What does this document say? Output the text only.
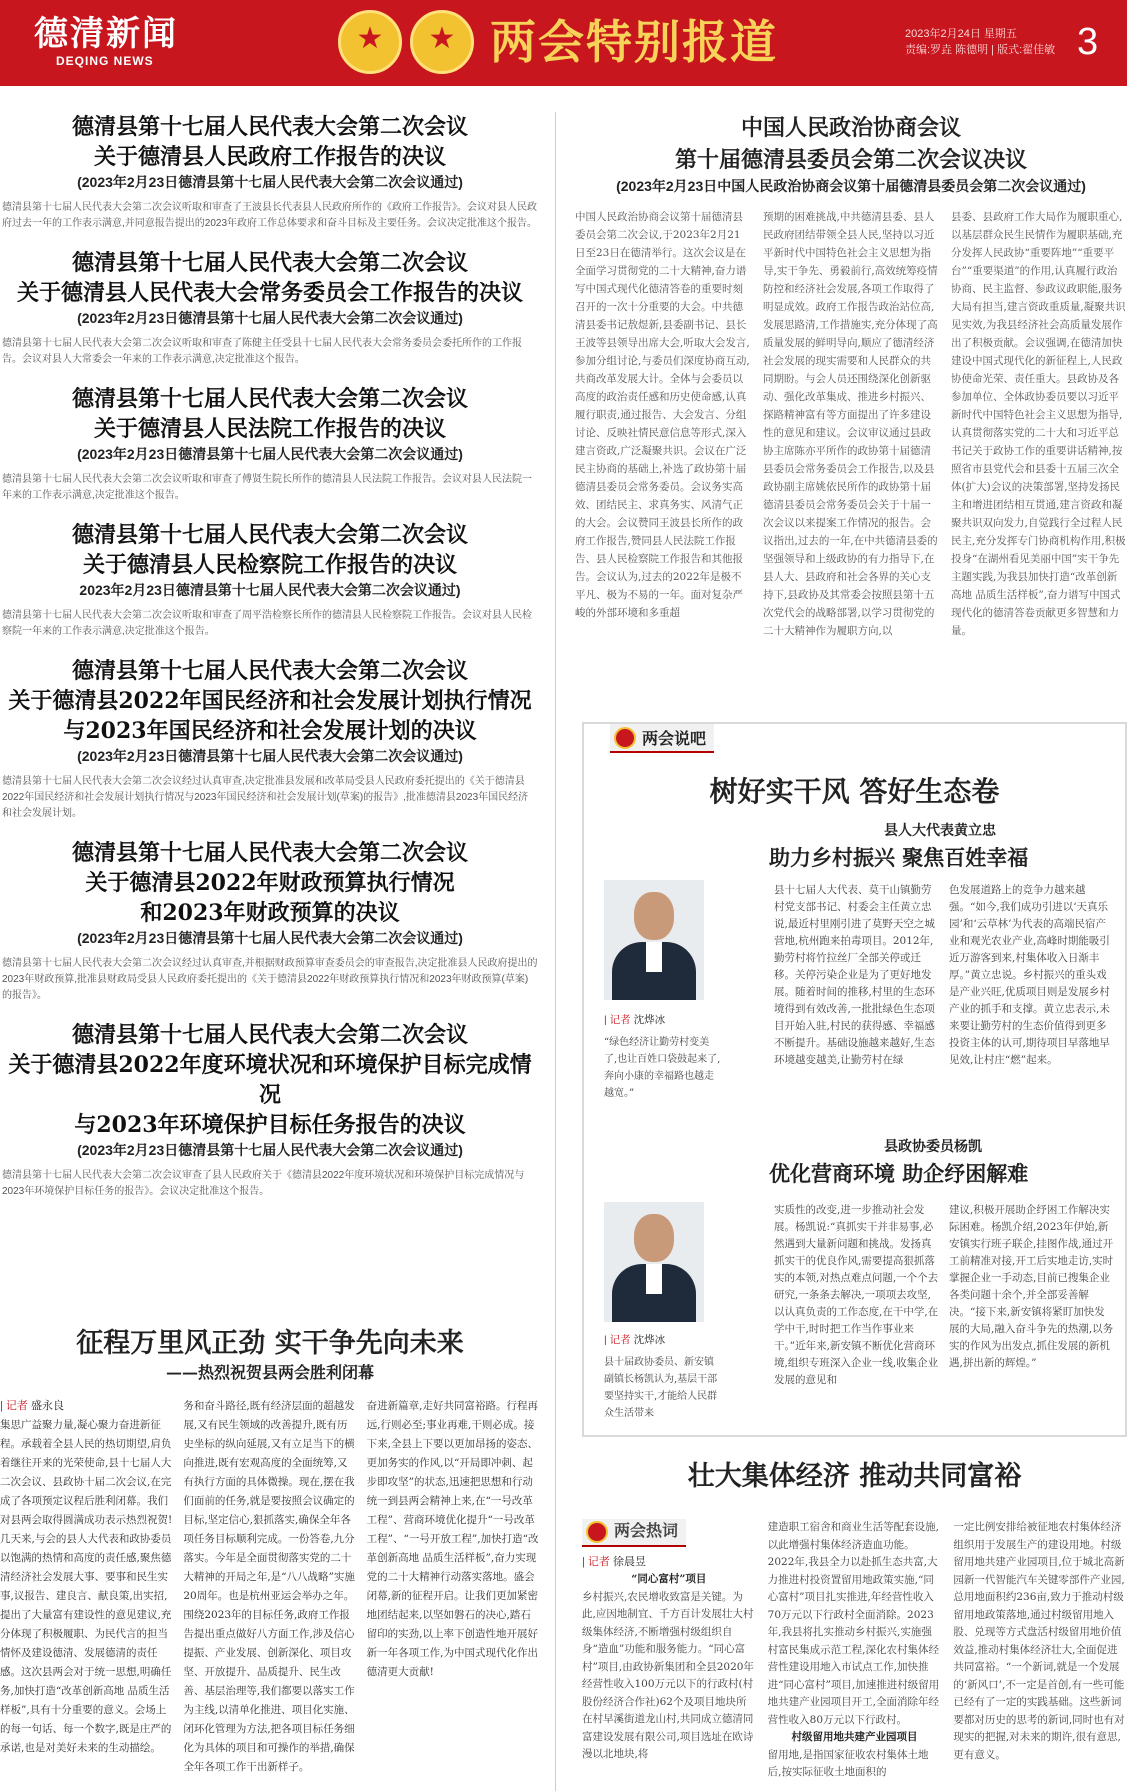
德清新闻
DEQING NEWS ★ ★	两会特别报道	2023年2月24日 星期五
责编:罗垚 陈德明 | 版式:翟佳敏 3
德清县第十七届人民代表大会第二次会议
关于德清县人民政府工作报告的决议
(2023年2月23日德清县第十七届人民代表大会第二次会议通过)
德清县第十七届人民代表大会第二次会议听取和审查了王波县长代表县人民政府所作的《政府工作报告》。会议对县人民政府过去一年的工作表示满意,并同意报告提出的2023年政府工作总体要求和奋斗目标及主要任务。会议决定批准这个报告。
德清县第十七届人民代表大会第二次会议
关于德清县人民代表大会常务委员会工作报告的决议
(2023年2月23日德清县第十七届人民代表大会第二次会议通过)
德清县第十七届人民代表大会第二次会议听取和审查了陈健主任受县十七届人民代表大会常务委员会委托所作的工作报告。会议对县人大常委会一年来的工作表示满意,决定批准这个报告。
德清县第十七届人民代表大会第二次会议
关于德清县人民法院工作报告的决议
(2023年2月23日德清县第十七届人民代表大会第二次会议通过)
德清县第十七届人民代表大会第二次会议听取和审查了傅贤生院长所作的德清县人民法院工作报告。会议对县人民法院一年来的工作表示满意,决定批准这个报告。
德清县第十七届人民代表大会第二次会议
关于德清县人民检察院工作报告的决议
2023年2月23日德清县第十七届人民代表大会第二次会议通过)
德清县第十七届人民代表大会第二次会议听取和审查了周平浩检察长所作的德清县人民检察院工作报告。会议对县人民检察院一年来的工作表示满意,决定批准这个报告。
德清县第十七届人民代表大会第二次会议
关于德清县2022年国民经济和社会发展计划执行情况
与2023年国民经济和社会发展计划的决议
(2023年2月23日德清县第十七届人民代表大会第二次会议通过)
德清县第十七届人民代表大会第二次会议经过认真审查,决定批准县发展和改革局受县人民政府委托提出的《关于德清县2022年国民经济和社会发展计划执行情况与2023年国民经济和社会发展计划(草案)的报告》,批准德清县2023年国民经济和社会发展计划。
德清县第十七届人民代表大会第二次会议
关于德清县2022年财政预算执行情况
和2023年财政预算的决议
(2023年2月23日德清县第十七届人民代表大会第二次会议通过)
德清县第十七届人民代表大会第二次会议经过认真审查,并根据财政预算审查委员会的审查报告,决定批准县人民政府提出的2023年财政预算,批准县财政局受县人民政府委托提出的《关于德清县2022年财政预算执行情况和2023年财政预算(草案)的报告》。
德清县第十七届人民代表大会第二次会议
关于德清县2022年度环境状况和环境保护目标完成情况
与2023年环境保护目标任务报告的决议
(2023年2月23日德清县第十七届人民代表大会第二次会议通过)
德清县第十七届人民代表大会第二次会议审查了县人民政府关于《德清县2022年度环境状况和环境保护目标完成情况与2023年环境保护目标任务的报告》。会议决定批准这个报告。
征程万里风正劲 实干争先向未来
——热烈祝贺县两会胜利闭幕
| 记者 盛永良
集思广益聚力量,凝心聚力奋进新征程。承载着全县人民的热切期望,肩负着继往开来的光荣使命,县十七届人大二次会议、县政协十届二次会议,在完成了各项预定议程后胜利闭幕。我们对县两会取得圆满成功表示热烈祝贺!几天来,与会的县人大代表和政协委员以饱满的热情和高度的责任感,聚焦德清经济社会发展大事、要事和民生实事,议报告、建良言、献良策,出实招,提出了大量富有建设性的意见建议,充分体现了积极履职、为民代言的担当情怀及建设德清、发展德清的责任感。这次县两会对于统一思想,明确任务,加快打造“改革创新高地 品质生活样板”,具有十分重要的意义。会场上的每一句话、每一个数字,既是庄严的承诺,也是对美好未来的生动描绘。
务和奋斗路径,既有经济层面的超越发展,又有民生领域的改善提升,既有历史坐标的纵向延展,又有立足当下的横向推进,既有宏观高度的全面统筹,又有执行方面的具体微操。现在,摆在我们面前的任务,就是要按照会议确定的目标,坚定信心,狠抓落实,确保全年各项任务目标顺利完成。一份答卷,九分落实。今年是全面贯彻落实党的二十大精神的开局之年,是“八八战略”实施20周年。也是杭州亚运会举办之年。围绕2023年的目标任务,政府工作报告提出重点做好八方面工作,涉及信心提振、产业发展、创新深化、项目攻坚、开放提升、品质提升、民生改善、基层治理等,我们都要以落实工作为主线,以清单化推进、项目化实施、闭环化管理为方法,把各项目标任务细化为具体的项目和可操作的举措,确保全年各项工作干出新样子。
奋进新篇章,走好共同富裕路。行程再远,行则必至;事业再难,干则必成。接下来,全县上下要以更加昂扬的姿态、更加务实的作风,以“开局即冲刺、起步即攻坚”的状态,迅速把思想和行动统一到县两会精神上来,在“一号改革工程”、营商环境优化提升“一号改革工程”、“一号开放工程”,加快打造“改革创新高地 品质生活样板”,奋力实现党的二十大精神行动落实落地。盛会闭幕,新的征程开启。让我们更加紧密地团结起来,以坚如磐石的决心,踏石留印的实劲,以上率下创造性地开展好新一年各项工作,为中国式现代化作出德清更大贡献!
中国人民政治协商会议
第十届德清县委员会第二次会议决议
(2023年2月23日中国人民政治协商会议第十届德清县委员会第二次会议通过)
中国人民政治协商会议第十届德清县委员会第二次会议,于2023年2月21日至23日在德清举行。这次会议是在全面学习贯彻党的二十大精神,奋力谱写中国式现代化德清答卷的重要时刻召开的一次十分重要的大会。中共德清县委书记敖煜新,县委副书记、县长王波等县领导出席大会,听取大会发言,参加分组讨论,与委员们深度协商互动,共商改革发展大计。全体与会委员以高度的政治责任感和历史使命感,认真履行职责,通过报告、大会发言、分组讨论、反映社情民意信息等形式,深入建言资政,广泛凝聚共识。会议在广泛民主协商的基础上,补选了政协第十届德清县委员会常务委员。会议务实高效、团结民主、求真务实、风清气正的大会。会议赞同王波县长所作的政府工作报告,赞同县人民法院工作报告、县人民检察院工作报告和其他报告。会议认为,过去的2022年是极不平凡、极为不易的一年。面对复杂严峻的外部环境和多重超
预期的困难挑战,中共德清县委、县人民政府团结带领全县人民,坚持以习近平新时代中国特色社会主义思想为指导,实干争先、勇毅前行,高效统筹疫情防控和经济社会发展,各项工作取得了明显成效。政府工作报告政治站位高,发展思路清,工作措施实,充分体现了高质量发展的鲜明导向,顺应了德清经济社会发展的现实需要和人民群众的共同期盼。与会人员还围绕深化创新驱动、强化改革集成、推进乡村振兴、探路精神富有等方面提出了许多建设性的意见和建议。会议审议通过县政协主席陈亦平所作的政协第十届德清县委员会常务委员会工作报告,以及县政协副主席姚依民所作的政协第十届德清县委员会常务委员会关于十届一次会议以来提案工作情况的报告。会议指出,过去的一年,在中共德清县委的坚强领导和上级政协的有力指导下,在县人大、县政府和社会各界的关心支持下,县政协及其常委会按照县第十五次党代会的战略部署,以学习贯彻党的二十大精神作为履职方向,以
县委、县政府工作大局作为履职重心,以基层群众民生民情作为履职基础,充分发挥人民政协“重要阵地”“重要平台”“重要渠道”的作用,认真履行政治协商、民主监督、参政议政职能,服务大局有担当,建言资政重质量,凝聚共识见实效,为我县经济社会高质量发展作出了积极贡献。会议强调,在德清加快建设中国式现代化的新征程上,人民政协使命光荣、责任重大。县政协及各参加单位、全体政协委员要以习近平新时代中国特色社会主义思想为指导,认真贯彻落实党的二十大和习近平总书记关于政协工作的重要讲话精神,按照省市县党代会和县委十五届三次全体(扩大)会议的决策部署,坚持发扬民主和增进团结相互贯通,建言资政和凝聚共识双向发力,自觉践行全过程人民民主,充分发挥专门协商机构作用,积极投身“在湖州看见美丽中国”实干争先主题实践,为我县加快打造“改革创新高地 品质生活样板”,奋力谱写中国式现代化的德清答卷贡献更多智慧和力量。
两会说吧
树好实干风 答好生态卷
县人大代表黄立忠
助力乡村振兴 聚焦百姓幸福
| 记者 沈烨冰
“绿色经济让勤劳村变美了,也让百姓口袋鼓起来了,奔向小康的幸福路也越走越宽。”
县十七届人大代表、莫干山镇勤劳村党支部书记、村委会主任黄立忠说,最近村里刚引进了莫野天空之城营地,杭州跑来拍毒项目。2012年,勤劳村将竹拉丝厂全部关停或迁移。关停污染企业是为了更好地发展。随着时间的推移,村里的生态环境得到有效改善,一批批绿色生态项目开始入驻,村民的获得感、幸福感不断提升。基础设施越来越好,生态环境越变越美,让勤劳村在绿
色发展道路上的竞争力越来越强。“如今,我们成功引进以‘天真乐园’和‘云草林’为代表的高端民宿产业和观光农业产业,高峰时期能吸引近万游客到来,村集体收入日渐丰厚。”黄立忠说。乡村振兴的重头戏是产业兴旺,优质项目则是发展乡村产业的抓手和支撑。黄立忠表示,未来要让勤劳村的生态价值得到更多投资主体的认可,期待项目早落地早见效,让村庄“燃”起来。
县政协委员杨凯
优化营商环境 助企纾困解难
| 记者 沈烨冰
县十届政协委员、新安镇副镇长杨凯认为,基层干部要坚持实干,才能给人民群众生活带来
实质性的改变,进一步推动社会发展。杨凯说:“真抓实干并非易事,必然遇到大量新问题和挑战。发扬真抓实干的优良作风,需要提高狠抓落实的本领,对热点难点问题,一个个去研究,一条条去解决,一项项去攻坚,以认真负责的工作态度,在干中学,在学中干,时时把工作当作事业来干。”近年来,新安镇不断优化营商环境,组织专班深入企业一线,收集企业发展的意见和
建议,积极开展助企纾困工作解决实际困难。杨凯介绍,2023年伊始,新安镇实行班子联企,挂图作战,通过开工前精准对接,开工后实地走访,实时掌握企业一手动态,目前已搜集企业各类问题十余个,并全部妥善解决。“接下来,新安镇将紧盯加快发展的大局,融入奋斗争先的热潮,以务实的作风为出发点,抓住发展的新机遇,拼出新的辉煌。”
壮大集体经济 推动共同富裕
两会热词
| 记者 徐晨昱

“同心富村”项目

乡村振兴,农民增收致富是关键。为此,应因地制宜、千方百计发展壮大村级集体经济,不断增强村级组织自身“造血”功能和服务能力。“同心富村”项目,由政协新集团和全县2020年经营性收入100万元以下的行政村(村股份经济合作社)62个及项目地块所在村早溪街道龙山村,共同成立德清同富建设发展有限公司,项目选址在欧诗漫以北地块,将

建造职工宿舍和商业生活等配套设施,以此增强村集体经济造血功能。2022年,我县全力以赴抓生态共富,大力推进村投资置留用地政策实施,“同心富村”项目扎实推进,年经营性收入70万元以下行政村全面消除。2023年,我县将扎实推动乡村振兴,实施强村富民集成示范工程,深化农村集体经营性建设用地入市试点工作,加快推进“同心富村”项目,加速推进村级留用地共建产业园项目开工,全面消除年经营性收入80万元以下行政村。

村级留用地共建产业园项目

留用地,是指国家征收农村集体土地后,按实际征收土地面积的

一定比例安排给被征地农村集体经济组织用于发展生产的建设用地。村级留用地共建产业园项目,位于城北高新园新一代智能汽车关键零部件产业园,总用地面积约236亩,致力于推动村级留用地政策落地,通过村级留用地入股、兑现等方式盘活村级留用地价值效益,推动村集体经济壮大,全面促进共同富裕。“一个新词,就是一个发展的‘新风口’,不一定是首创,有一些可能已经有了一定的实践基础。这些新词要都对历史的思考的新词,同时也有对现实的把握,对未来的期许,很有意思,更有意义。
